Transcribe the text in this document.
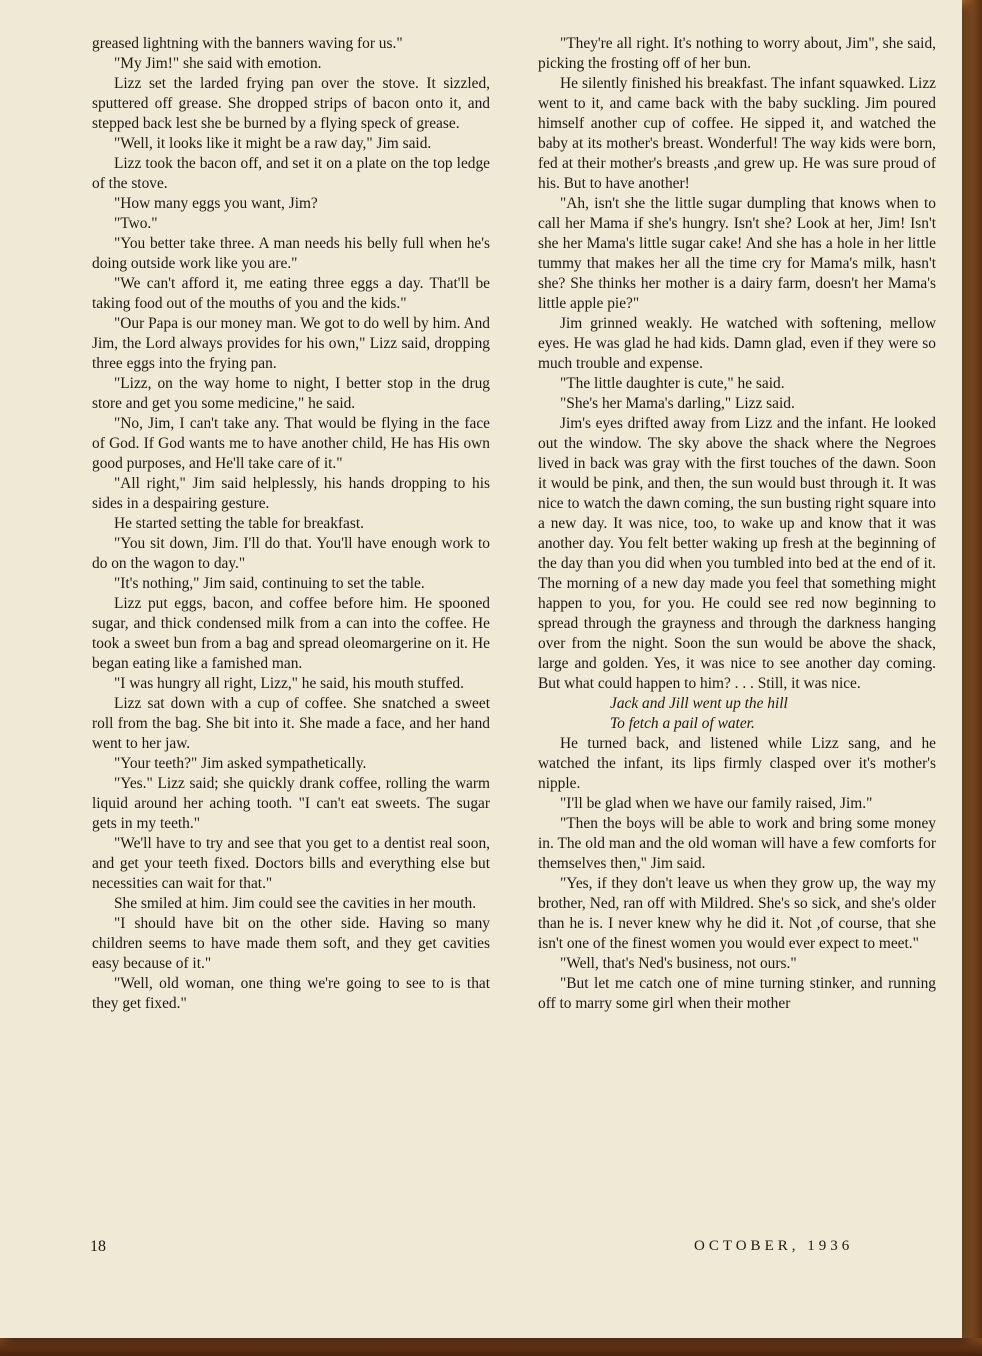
greased lightning with the banners waving for us."

"My Jim!" she said with emotion.

Lizz set the larded frying pan over the stove. It sizzled, sputtered off grease. She dropped strips of bacon onto it, and stepped back lest she be burned by a flying speck of grease.

"Well, it looks like it might be a raw day," Jim said.

Lizz took the bacon off, and set it on a plate on the top ledge of the stove.

"How many eggs you want, Jim?

"Two."

"You better take three. A man needs his belly full when he's doing outside work like you are."

"We can't afford it, me eating three eggs a day. That'll be taking food out of the mouths of you and the kids."

"Our Papa is our money man. We got to do well by him. And Jim, the Lord always provides for his own," Lizz said, dropping three eggs into the frying pan.

"Lizz, on the way home to night, I better stop in the drug store and get you some medicine," he said.

"No, Jim, I can't take any. That would be flying in the face of God. If God wants me to have another child, He has His own good purposes, and He'll take care of it."

"All right," Jim said helplessly, his hands dropping to his sides in a despairing gesture.

He started setting the table for breakfast.

"You sit down, Jim. I'll do that. You'll have enough work to do on the wagon to day."

"It's nothing," Jim said, continuing to set the table.

Lizz put eggs, bacon, and coffee before him. He spooned sugar, and thick condensed milk from a can into the coffee. He took a sweet bun from a bag and spread oleomargerine on it. He began eating like a famished man.

"I was hungry all right, Lizz," he said, his mouth stuffed.

Lizz sat down with a cup of coffee. She snatched a sweet roll from the bag. She bit into it. She made a face, and her hand went to her jaw.

"Your teeth?" Jim asked sympathetically.

"Yes." Lizz said; she quickly drank coffee, rolling the warm liquid around her aching tooth. "I can't eat sweets. The sugar gets in my teeth."

"We'll have to try and see that you get to a dentist real soon, and get your teeth fixed. Doctors bills and everything else but necessities can wait for that."

She smiled at him. Jim could see the cavities in her mouth.

"I should have bit on the other side. Having so many children seems to have made them soft, and they get cavities easy because of it."

"Well, old woman, one thing we're going to see to is that they get fixed."

"They're all right. It's nothing to worry about, Jim", she said, picking the frosting off of her bun.

He silently finished his breakfast. The infant squawked. Lizz went to it, and came back with the baby suckling. Jim poured himself another cup of coffee. He sipped it, and watched the baby at its mother's breast. Wonderful! The way kids were born, fed at their mother's breasts ,and grew up. He was sure proud of his. But to have another!

"Ah, isn't she the little sugar dumpling that knows when to call her Mama if she's hungry. Isn't she? Look at her, Jim! Isn't she her Mama's little sugar cake! And she has a hole in her little tummy that makes her all the time cry for Mama's milk, hasn't she? She thinks her mother is a dairy farm, doesn't her Mama's little apple pie?"

Jim grinned weakly. He watched with softening, mellow eyes. He was glad he had kids. Damn glad, even if they were so much trouble and expense.

"The little daughter is cute," he said.

"She's her Mama's darling," Lizz said.

Jim's eyes drifted away from Lizz and the infant. He looked out the window. The sky above the shack where the Negroes lived in back was gray with the first touches of the dawn. Soon it would be pink, and then, the sun would bust through it. It was nice to watch the dawn coming, the sun busting right square into a new day. It was nice, too, to wake up and know that it was another day. You felt better waking up fresh at the beginning of the day than you did when you tumbled into bed at the end of it. The morning of a new day made you feel that something might happen to you, for you. He could see red now beginning to spread through the grayness and through the darkness hanging over from the night. Soon the sun would be above the shack, large and golden. Yes, it was nice to see another day coming. But what could happen to him? . . . Still, it was nice.

Jack and Jill went up the hill

To fetch a pail of water.

He turned back, and listened while Lizz sang, and he watched the infant, its lips firmly clasped over it's mother's nipple.

"I'll be glad when we have our family raised, Jim."

"Then the boys will be able to work and bring some money in. The old man and the old woman will have a few comforts for themselves then," Jim said.

"Yes, if they don't leave us when they grow up, the way my brother, Ned, ran off with Mildred. She's so sick, and she's older than he is. I never knew why he did it. Not ,of course, that she isn't one of the finest women you would ever expect to meet."

"Well, that's Ned's business, not ours."

"But let me catch one of mine turning stinker, and running off to marry some girl when their mother

18	OCTOBER, 1936
